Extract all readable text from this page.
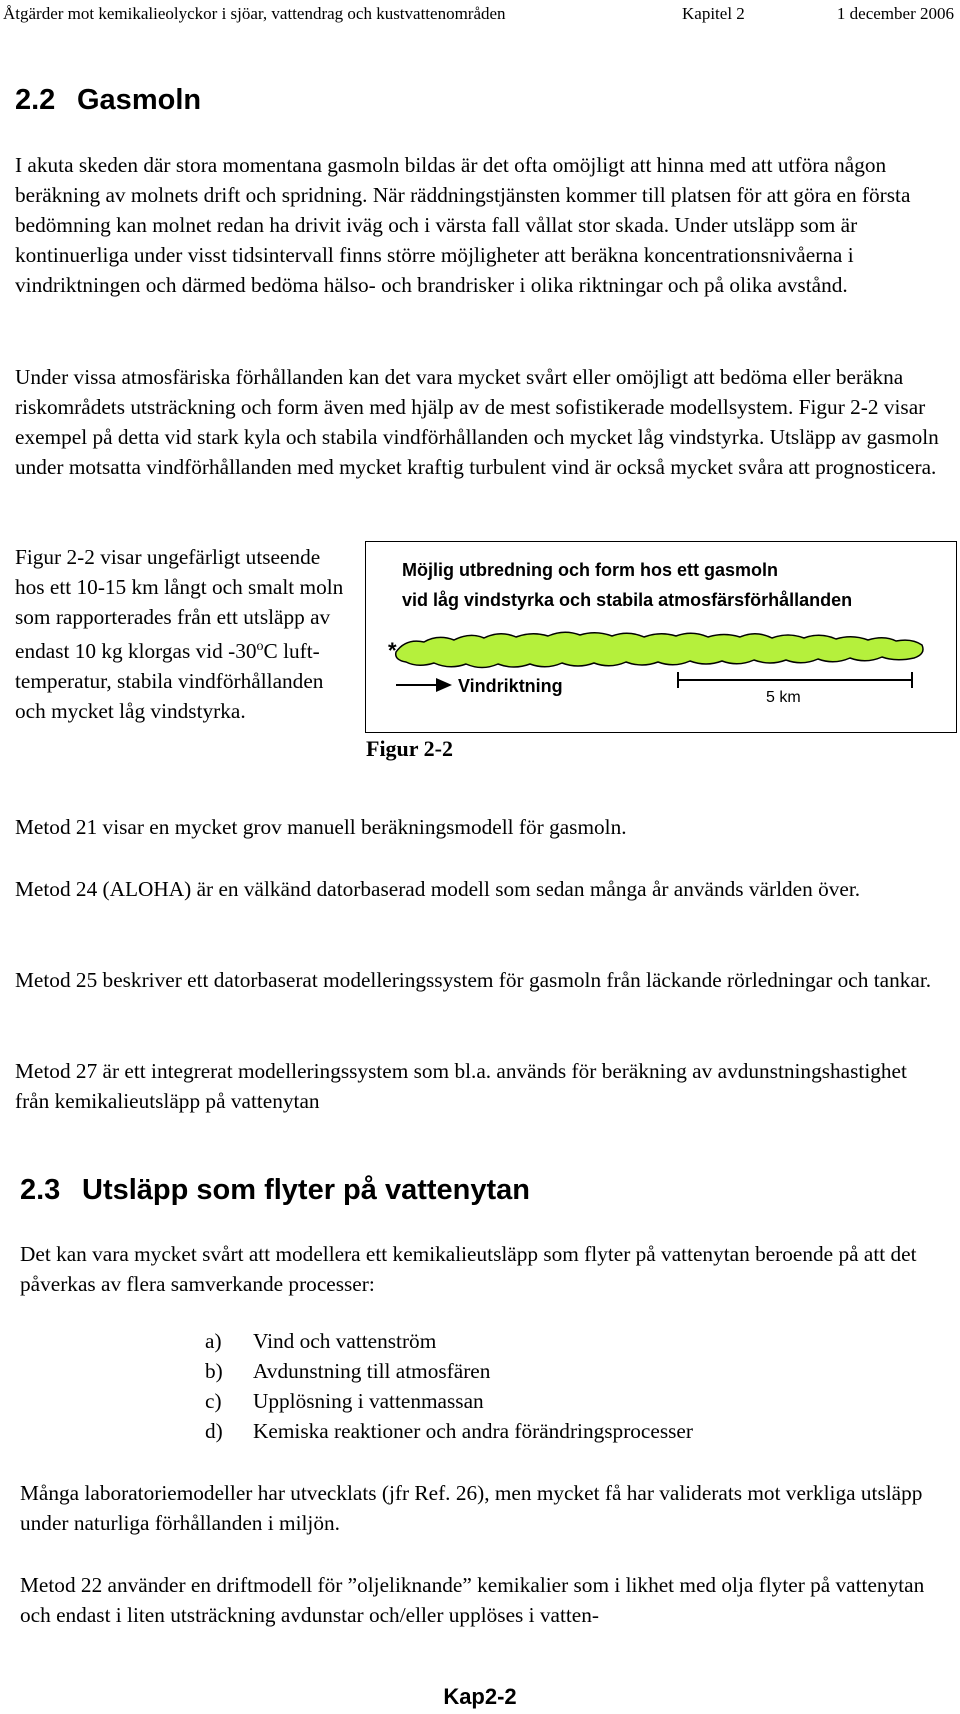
Åtgärder mot kemikalieolyckor i sjöar, vattendrag och kustvattenområden	Kapitel 2	1 december 2006
2.2 Gasmoln

I akuta skeden där stora momentana gasmoln bildas är det ofta omöjligt att hinna med att utföra någon beräkning av molnets drift och spridning. När räddningstjänsten kommer till platsen för att göra en första bedömning kan molnet redan ha drivit iväg och i värsta fall vållat stor skada. Under utsläpp som är kontinuerliga under visst tidsintervall finns större möjligheter att beräkna koncentrationsnivåerna i vindriktningen och därmed bedöma hälso- och brandrisker i olika riktningar och på olika avstånd.

Under vissa atmosfäriska förhållanden kan det vara mycket svårt eller omöjligt att bedöma eller beräkna riskområdets utsträckning och form även med hjälp av de mest sofistikerade modellsystem. Figur 2-2 visar exempel på detta vid stark kyla och stabila vindförhållanden och mycket låg vindstyrka. Utsläpp av gasmoln under motsatta vindförhållanden med mycket kraftig turbulent vind är också mycket svåra att prognosticera.

Figur 2-2 visar ungefärligt utseende hos ett 10-15 km långt och smalt moln som rapporterades från ett utsläpp av endast 10 kg klorgas vid -30$^o$C lufttemperatur, stabila vindförhållanden och mycket låg vindstyrka.

Möjlig utbredning och form hos ett gasmoln
vid låg vindstyrka och stabila atmosfärsförhållanden
*
Vindriktning
5 km
Figur 2-2

Metod 21 visar en mycket grov manuell beräkningsmodell för gasmoln.

Metod 24 (ALOHA) är en välkänd datorbaserad modell som sedan många år används världen över.

Metod 25 beskriver ett datorbaserat modelleringssystem för gasmoln från läckande rörledningar och tankar.

Metod 27 är ett integrerat modelleringssystem som bl.a. används för beräkning av avdunstningshastighet från kemikalieutsläpp på vattenytan

2.3 Utsläpp som flyter på vattenytan

Det kan vara mycket svårt att modellera ett kemikalieutsläpp som flyter på vattenytan beroende på att det påverkas av flera samverkande processer:

a)	Vind och vattenström
b)	Avdunstning till atmosfären
c)	Upplösning i vattenmassan
d)	Kemiska reaktioner och andra förändringsprocesser

Många laboratoriemodeller har utvecklats (jfr Ref. 26), men mycket få har validerats mot verkliga utsläpp under naturliga förhållanden i miljön.

Metod 22 använder en driftmodell för ”oljeliknande” kemikalier som i likhet med olja flyter på vattenytan och endast i liten utsträckning avdunstar och/eller upplöses i vatten-

Kap2-2
